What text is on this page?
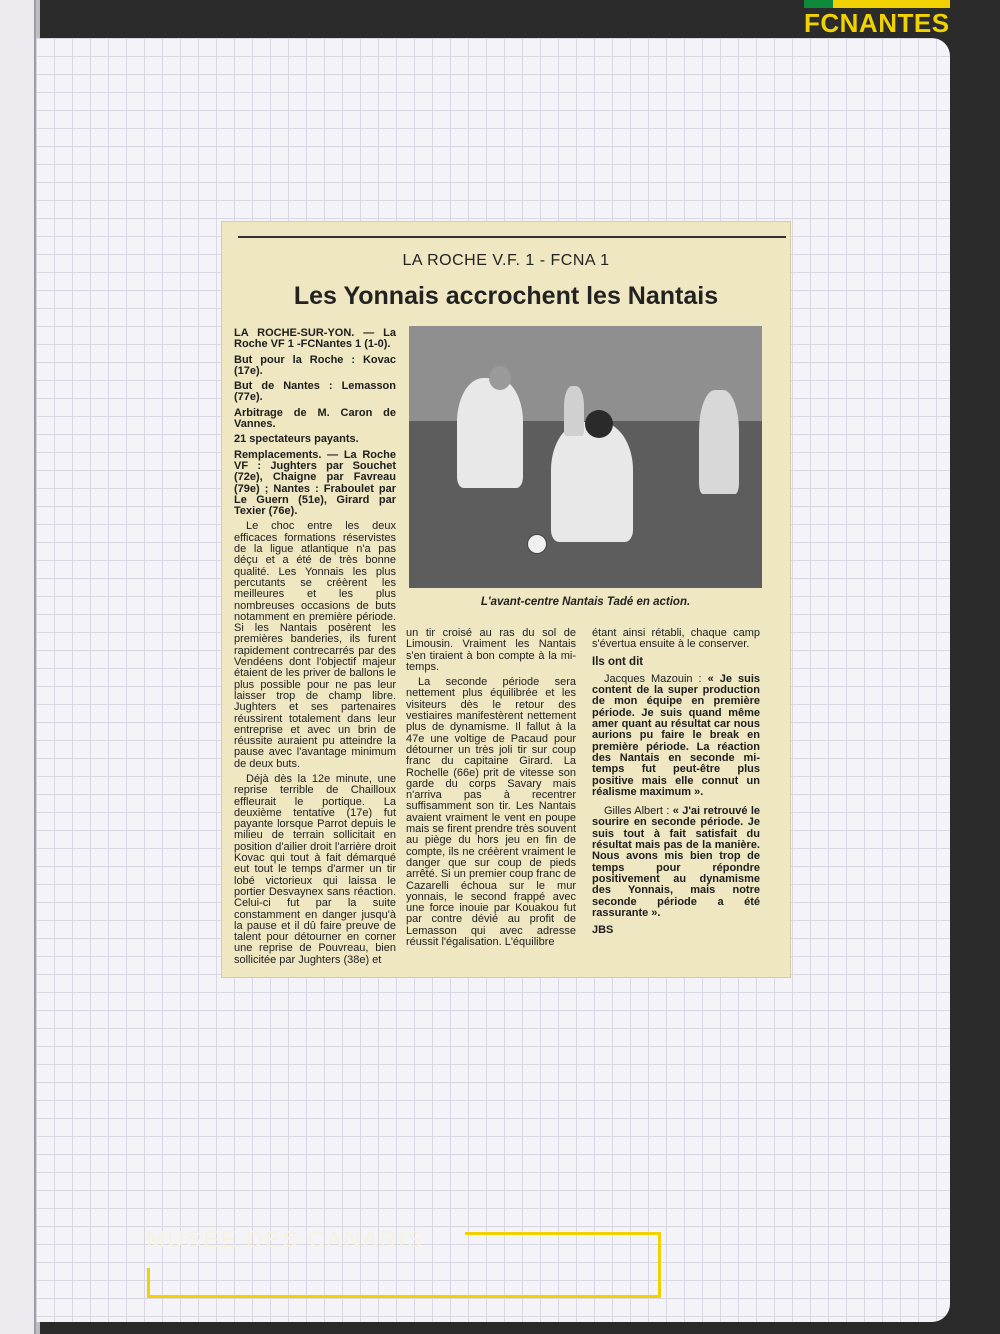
FCNANTES
LA ROCHE V.F. 1 - FCNA 1
Les Yonnais accrochent les Nantais

LA ROCHE-SUR-YON. — La Roche VF 1 -FCNantes 1 (1-0).

But pour la Roche : Kovac (17e).

But de Nantes : Lemasson (77e).

Arbitrage de M. Caron de Vannes.

21 spectateurs payants.

Remplacements. — La Roche VF : Jughters par Souchet (72e), Chaigne par Favreau (79e) ; Nantes : Fraboulet par Le Guern (51e), Girard par Texier (76e).

Le choc entre les deux efficaces formations réservistes de la ligue atlantique n'a pas déçu et a été de très bonne qualité. Les Yonnais les plus percutants se créèrent les meilleures et les plus nombreuses occasions de buts notamment en première période. Si les Nantais posèrent les premières banderies, ils furent rapidement contrecarrés par des Vendéens dont l'objectif majeur étaient de les priver de ballons le plus possible pour ne pas leur laisser trop de champ libre. Jughters et ses partenaires réussirent totalement dans leur entreprise et avec un brin de réussite auraient pu atteindre la pause avec l'avantage minimum de deux buts.

Déjà dès la 12e minute, une reprise terrible de Chailloux effleurait le portique. La deuxième tentative (17e) fut payante lorsque Parrot depuis le milieu de terrain sollicitait en position d'ailier droit l'arrière droit Kovac qui tout à fait démarqué eut tout le temps d'armer un tir lobé victorieux qui laissa le portier Desvaynex sans réaction. Celui-ci fut par la suite constamment en danger jusqu'à la pause et il dû faire preuve de talent pour détourner en corner une reprise de Pouvreau, bien sollicitée par Jughters (38e) et

L'avant-centre Nantais Tadé en action.

un tir croisé au ras du sol de Limousin. Vraiment les Nantais s'en tiraient à bon compte à la mi-temps.

La seconde période sera nettement plus équilibrée et les visiteurs dès le retour des vestiaires manifestèrent nettement plus de dynamisme. Il fallut à la 47e une voltige de Pacaud pour détourner un très joli tir sur coup franc du capitaine Girard. La Rochelle (66e) prit de vitesse son garde du corps Savary mais n'arriva pas à recentrer suffisamment son tir. Les Nantais avaient vraiment le vent en poupe mais se firent prendre très souvent au piège du hors jeu en fin de compte, ils ne créèrent vraiment le danger que sur coup de pieds arrêté. Si un premier coup franc de Cazarelli échoua sur le mur yonnais, le second frappé avec une force inouie par Kouakou fut par contre dévié au profit de Lemasson qui avec adresse réussit l'égalisation. L'équilibre

étant ainsi rétabli, chaque camp s'évertua ensuite à le conserver.

Ils ont dit

Jacques Mazouin : « Je suis content de la super production de mon équipe en première période. Je suis quand même amer quant au résultat car nous aurions pu faire le break en première période. La réaction des Nantais en seconde mi-temps fut peut-être plus positive mais elle connut un réalisme maximum ».

Gilles Albert : « J'ai retrouvé le sourire en seconde période. Je suis tout à fait satisfait du résultat mais pas de la manière. Nous avons mis bien trop de temps pour répondre positivement au dynamisme des Yonnais, mais notre seconde période a été rassurante ».

JBS
MUSÉE DES CANARIS
